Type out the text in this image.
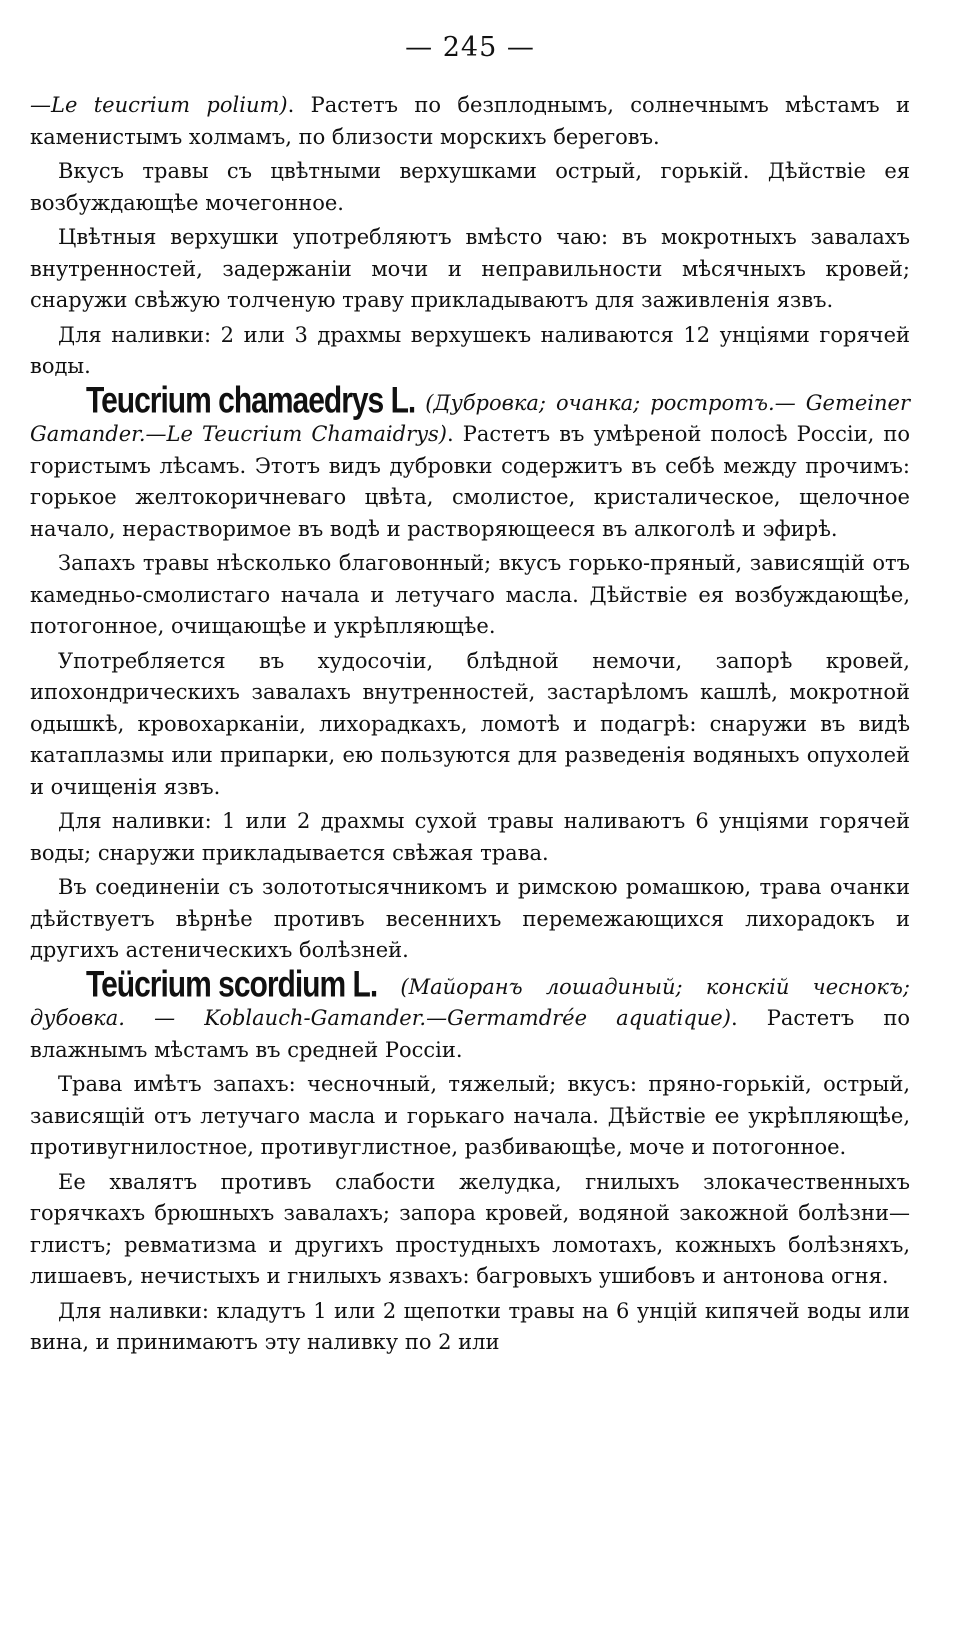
— 245 —

—Le teucrium polium). Растетъ по безплоднымъ, солнечнымъ мѣстамъ и каменистымъ холмамъ, по близости морскихъ береговъ.

Вкусъ травы съ цвѣтными верхушками острый, горькій. Дѣйствіе ея возбуждающѣе мочегонное.

Цвѣтныя верхушки употребляютъ вмѣсто чаю: въ мокротныхъ завалахъ внутренностей, задержаніи мочи и неправильности мѣсячныхъ кровей; снаружи свѣжую толченую траву прикладываютъ для заживленія язвъ.

Для наливки: 2 или 3 драхмы верхушекъ наливаются 12 унціями горячей воды.

Teucrium chamaedrys L. (Дубровка; очанка; ростротъ.— Gemeiner Gamander.—Le Teucrium Chamaidrys). Растетъ въ умѣреной полосѣ Россіи, по гористымъ лѣсамъ. Этотъ видъ дубровки содержитъ въ себѣ между прочимъ: горькое желтокоричневаго цвѣта, смолистое, кристалическое, щелочное начало, нерастворимое въ водѣ и растворяющееся въ алкоголѣ и эфирѣ.

Запахъ травы нѣсколько благовонный; вкусъ горько-пряный, зависящій отъ камедньо-смолистаго начала и летучаго масла. Дѣйствіе ея возбуждающѣе, потогонное, очищающѣе и укрѣпляющѣе.

Употребляется въ худосочіи, блѣдной немочи, запорѣ кровей, ипохондрическихъ завалахъ внутренностей, застарѣломъ кашлѣ, мокротной одышкѣ, кровохарканіи, лихорадкахъ, ломотѣ и подагрѣ: снаружи въ видѣ катаплазмы или припарки, ею пользуются для разведенія водяныхъ опухолей и очищенія язвъ.

Для наливки: 1 или 2 драхмы сухой травы наливаютъ 6 унціями горячей воды; снаружи прикладывается свѣжая трава.

Въ соединеніи съ золототысячникомъ и римскою ромашкою, трава очанки дѣйствуетъ вѣрнѣе противъ весеннихъ перемежающихся лихорадокъ и другихъ астеническихъ болѣзней.

Teücrium scordium L. (Майоранъ лошадиный; конскій чеснокъ; дубовка. — Koblauch-Gamander.—Germamdrée aquatique). Растетъ по влажнымъ мѣстамъ въ средней Россіи.

Трава имѣтъ запахъ: чесночный, тяжелый; вкусъ: пряно-горькій, острый, зависящій отъ летучаго масла и горькаго начала. Дѣйствіе ее укрѣпляющѣе, противугнилостное, противуглистное, разбивающѣе, моче и потогонное.

Ее хвалятъ противъ слабости желудка, гнилыхъ злокачественныхъ горячкахъ брюшныхъ завалахъ; запора кровей, водяной закожной болѣзни—глистъ; ревматизма и другихъ простудныхъ ломотахъ, кожныхъ болѣзняхъ, лишаевъ, нечистыхъ и гнилыхъ язвахъ: багровыхъ ушибовъ и антонова огня.

Для наливки: кладутъ 1 или 2 щепотки травы на 6 унцій кипячей воды или вина, и принимаютъ эту наливку по 2 или
